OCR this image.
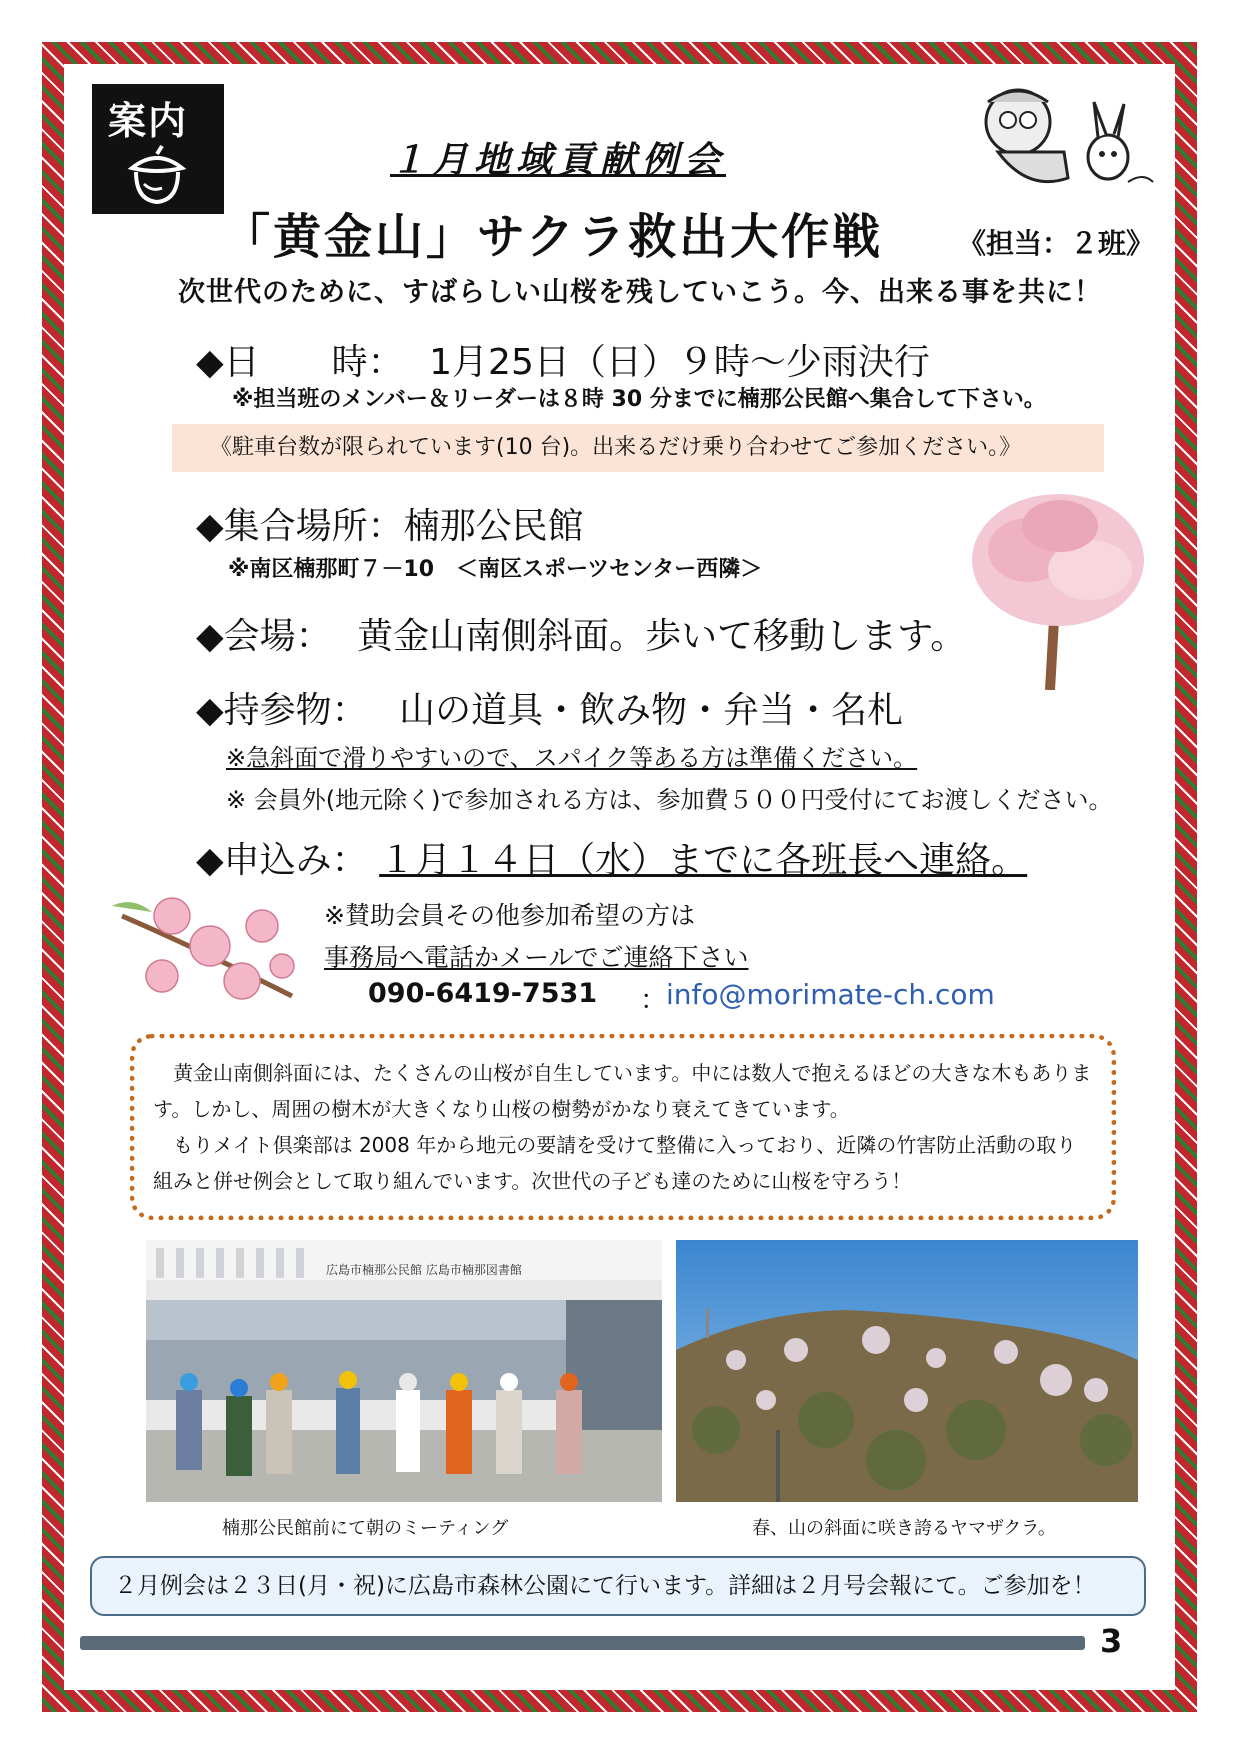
案内
１月地域貢献例会
「黄金山」サクラ救出大作戦	《担当：２班》
次世代のために、すばらしい山桜を残していこう。今、出来る事を共に！
◆日　　時： 1月25日（日）９時～少雨決行
※担当班のメンバー＆リーダーは８時 30 分までに楠那公民館へ集合して下さい。
《駐車台数が限られています(10 台)。出来るだけ乗り合わせてご参加ください。》
◆集合場所：楠那公民館
※南区楠那町７－10　＜南区スポーツセンター西隣＞
◆会場： 黄金山南側斜面。歩いて移動します。
◆持参物： 山の道具・飲み物・弁当・名札
※急斜面で滑りやすいので、スパイク等ある方は準備ください。
※ 会員外(地元除く)で参加される方は、参加費５００円受付にてお渡しください。
◆申込み： １月１４日（水）までに各班長へ連絡。
※賛助会員その他参加希望の方は
事務局へ電話かメールでご連絡下さい
090-6419-7531 ： info@morimate-ch.com

黄金山南側斜面には、たくさんの山桜が自生しています。中には数人で抱えるほどの大きな木もあります。しかし、周囲の樹木が大きくなり山桜の樹勢がかなり衰えてきています。

もりメイト倶楽部は 2008 年から地元の要請を受けて整備に入っており、近隣の竹害防止活動の取り組みと併せ例会として取り組んでいます。次世代の子ども達のために山桜を守ろう！

広島市楠那公民館 広島市楠那図書館
楠那公民館前にて朝のミーティング	春、山の斜面に咲き誇るヤマザクラ。
２月例会は２３日(月・祝)に広島市森林公園にて行います。詳細は２月号会報にて。ご参加を！
3
